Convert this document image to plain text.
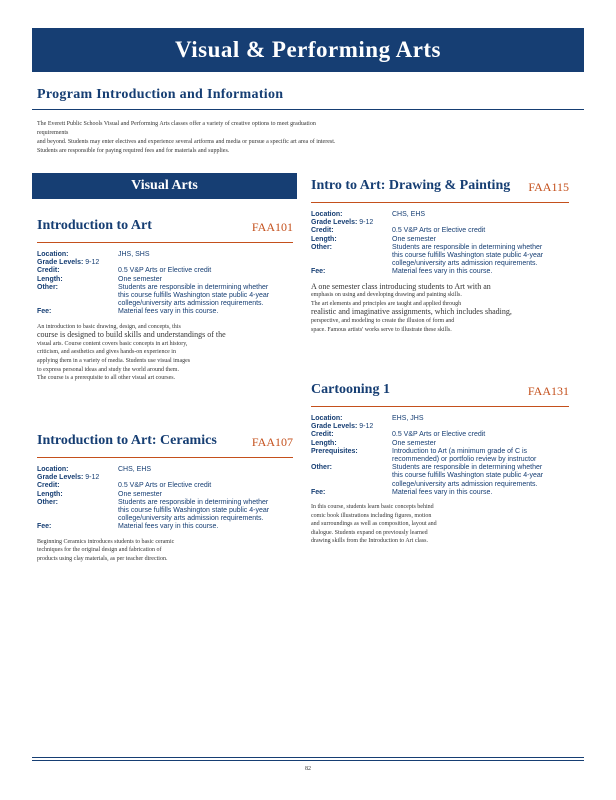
Visual & Performing Arts
Program Introduction and Information
The Everett Public Schools Visual and Performing Arts classes offer a variety of creative options to meet graduation requirements
and beyond. Students may enter electives and experience several artforms and media or pursue a specific art area of interest.
Students are responsible for paying required fees and for materials and supplies.
Visual Arts
Introduction to Art	FAA101
Location:	JHS, SHS
Grade Levels: 9-12
Credit:	0.5 V&P Arts or Elective credit
Length:	One semester
Other:	Students are responsible in determining whether
this course fulfills Washington state public 4-year
college/university arts admission requirements.
Fee:	Material fees vary in this course.
An introduction to basic drawing, design, and concepts, this
course is designed to build skills and understandings of the
visual arts. Course content covers basic concepts in art history,
criticism, and aesthetics and gives hands-on experience in
applying them in a variety of media. Students use visual images
to express personal ideas and study the world around them.
The course is a prerequisite to all other visual art courses.
Introduction to Art: Ceramics	FAA107
Location:	CHS, EHS
Grade Levels: 9-12
Credit:	0.5 V&P Arts or Elective credit
Length:	One semester
Other:	Students are responsible in determining whether
this course fulfills Washington state public 4-year
college/university arts admission requirements.
Fee:	Material fees vary in this course.
Beginning Ceramics introduces students to basic ceramic
techniques for the original design and fabrication of
products using clay materials, as per teacher direction.
Intro to Art: Drawing & Painting FAA115
Location:	CHS, EHS
Grade Levels: 9-12
Credit:	0.5 V&P Arts or Elective credit
Length:	One semester
Other:	Students are responsible in determining whether
this course fulfills Washington state public 4-year
college/university arts admission requirements.
Fee:	Material fees vary in this course.
A one semester class introducing students to Art with an
emphasis on using and developing drawing and painting skills.
The art elements and principles are taught and applied through
realistic and imaginative assignments, which includes shading,
perspective, and modeling to create the illusion of form and
space. Famous artists' works serve to illustrate these skills.
Cartooning 1	FAA131
Location:	EHS, JHS
Grade Levels: 9-12
Credit:	0.5 V&P Arts or Elective credit
Length:	One semester
Prerequisites:	Introduction to Art (a minimum grade of C is
recommended) or portfolio review by instructor
Other:	Students are responsible in determining whether
this course fulfills Washington state public 4-year
college/university arts admission requirements.
Fee:	Material fees vary in this course.
In this course, students learn basic concepts behind
comic book illustrations including figures, motion
and surroundings as well as composition, layout and
dialogue. Students expand on previously learned
drawing skills from the Introduction to Art class.
82
